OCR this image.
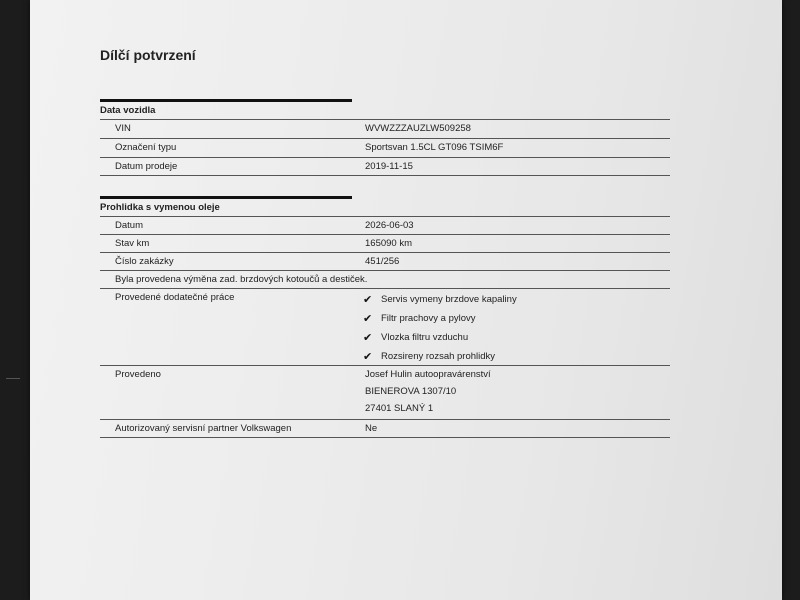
Dílčí potvrzení
Data vozidla
VIN	WVWZZZAUZLW509258
Označení typu	Sportsvan 1.5CL GT096 TSIM6F
Datum prodeje	2019-11-15
Prohlidka s vymenou oleje
Datum	2026-06-03
Stav km	165090 km
Číslo zakázky	451/256
Byla provedena výměna zad. brzdových kotoučů a destiček.
Provedené dodatečné práce	✔ Servis vymeny brzdove kapaliny
✔ Filtr prachovy a pylovy
✔ Vlozka filtru vzduchu
✔ Rozsireny rozsah prohlidky
Provedeno	Josef Hulin autoopravárenství
BIENEROVA 1307/10
27401 SLANÝ 1
Autorizovaný servisní partner Volkswagen	Ne
